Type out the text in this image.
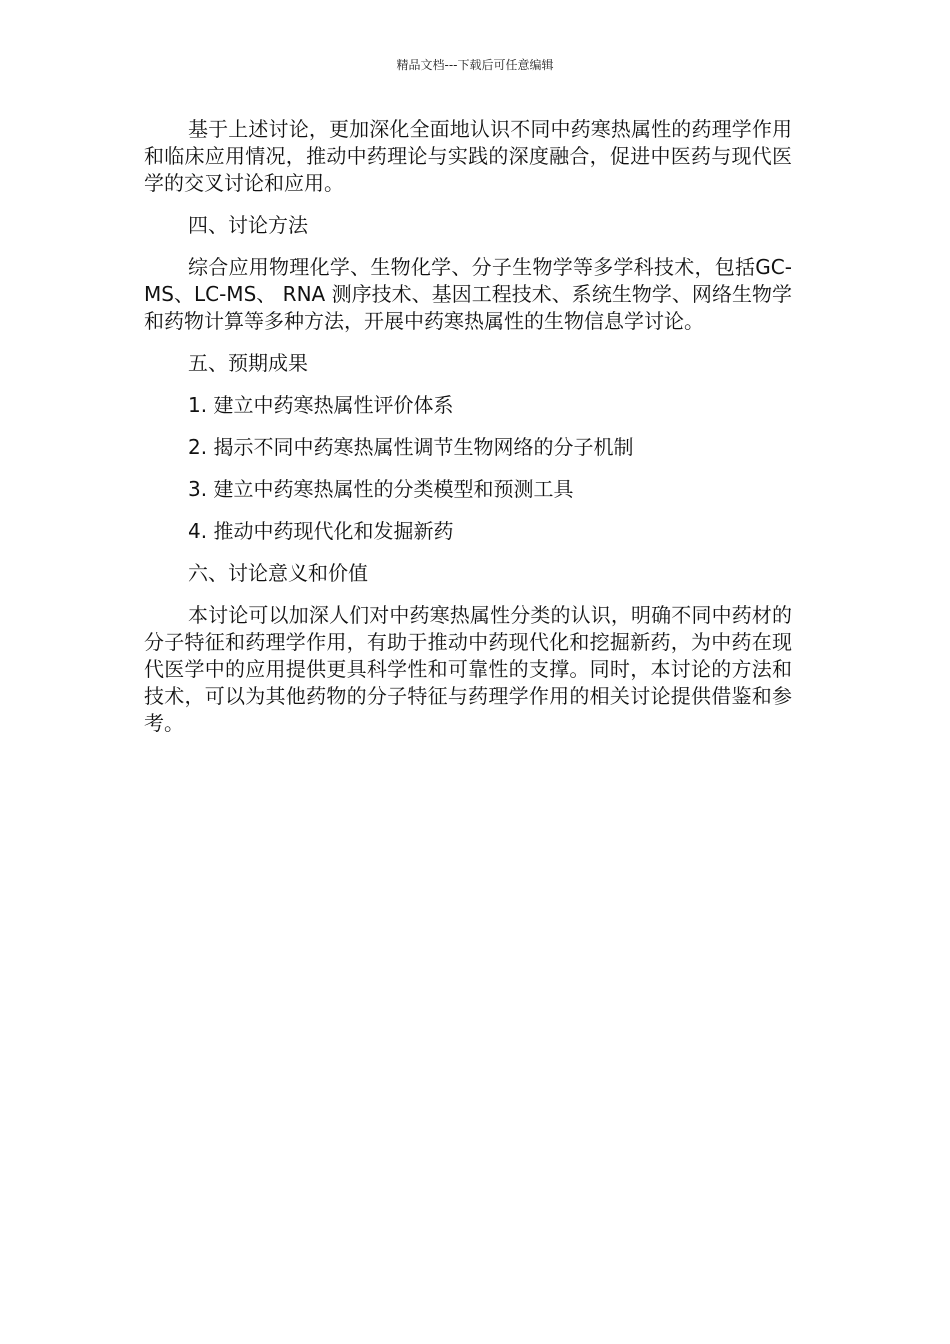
精品文档---下载后可任意编辑

基于上述讨论，更加深化全面地认识不同中药寒热属性的药理学作用和临床应用情况，推动中药理论与实践的深度融合，促进中医药与现代医学的交叉讨论和应用。

四、讨论方法

综合应用物理化学、生物化学、分子生物学等多学科技术，包括GC-MS、LC-MS、 RNA 测序技术、基因工程技术、系统生物学、网络生物学和药物计算等多种方法，开展中药寒热属性的生物信息学讨论。

五、预期成果

1. 建立中药寒热属性评价体系

2. 揭示不同中药寒热属性调节生物网络的分子机制

3. 建立中药寒热属性的分类模型和预测工具

4. 推动中药现代化和发掘新药

六、讨论意义和价值

本讨论可以加深人们对中药寒热属性分类的认识，明确不同中药材的分子特征和药理学作用，有助于推动中药现代化和挖掘新药，为中药在现代医学中的应用提供更具科学性和可靠性的支撑。同时，本讨论的方法和技术，可以为其他药物的分子特征与药理学作用的相关讨论提供借鉴和参考。
